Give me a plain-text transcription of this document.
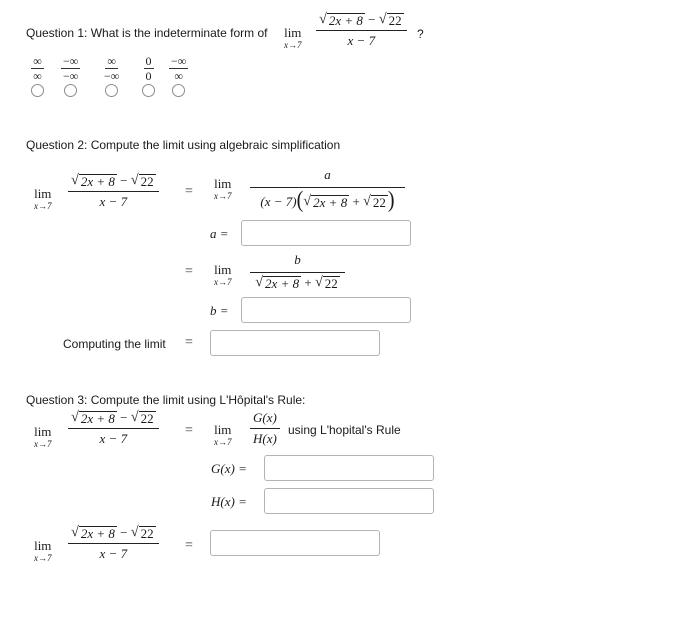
Question 1: What is the indeterminate form of lim
$x\to 7 \frac{√ 2x + 8 - √ 22}{x - 7}$ ?
∞
∞
−∞
−∞
∞
−∞
0
0
−∞
∞
Question 2: Compute the limit using algebraic simplification
lim
$x\to 7 \frac{√ 2x + 8 - √ 22}{x - 7}$ =
lim
$x\to 7 \frac{a}{(x - 7)( √ 2x + 8 + √ 22 )}$
a =
= lim
$x\to 7 \frac{b}{√ 2x + 8 + √ 22}$
b =
Computing the limit =
Question 3: Compute the limit using L'Hôpital's Rule:
lim
$x\to 7 \frac{√ 2x + 8 - √ 22}{x - 7} = \lim$
$x\to 7 \frac{G(x)}{H(x)}$ using L'hopital's Rule
G(x) =
H(x) =
lim
$x\to 7 \frac{√ 2x + 8 - √ 22}{x - 7}$ =
